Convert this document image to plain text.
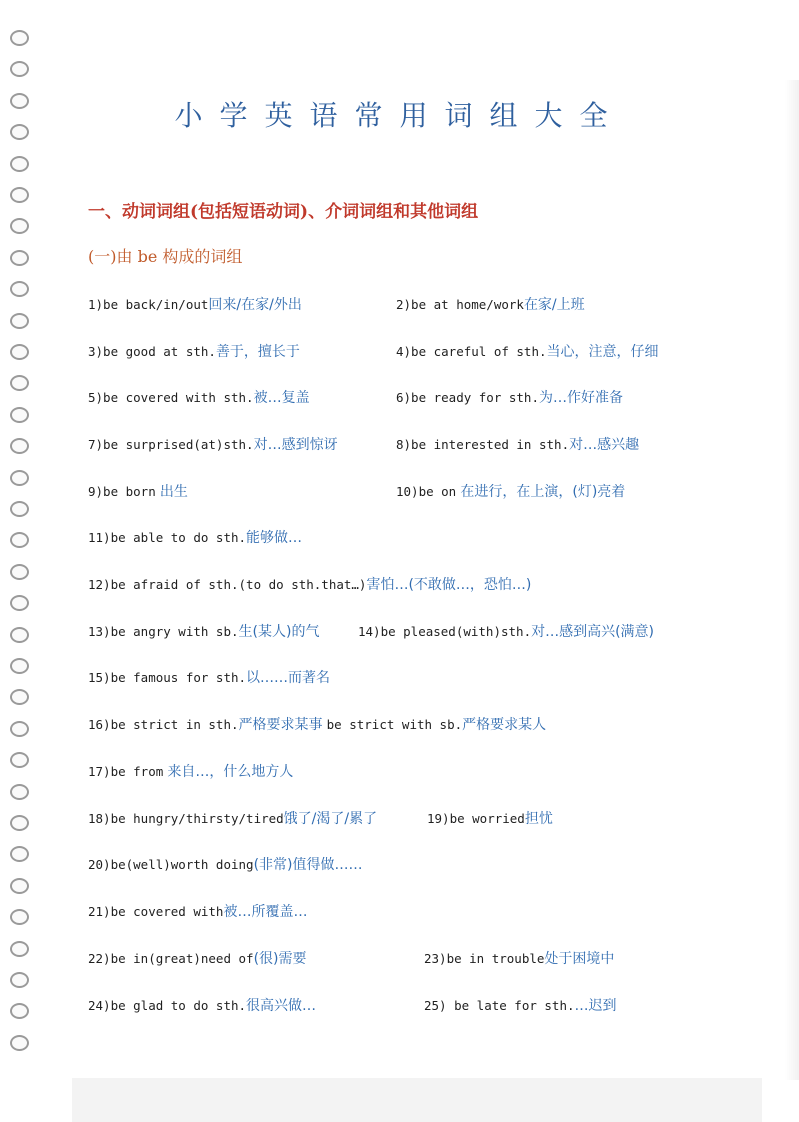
小学英语常用词组大全
一、动词词组(包括短语动词)、介词词组和其他词组
(一)由 be 构成的词组
1)be back/in/out回来/在家/外出	2)be at home/work在家/上班
3)be good at sth.善于，擅长于	4)be careful of sth.当心，注意，仔细
5)be covered with sth.被…复盖	6)be ready for sth.为…作好准备
7)be surprised(at)sth.对…感到惊讶	8)be interested in sth.对…感兴趣
9)be born 出生	10)be on 在进行，在上演，(灯)亮着
11)be able to do sth.能够做…
12)be afraid of sth.(to do sth.that…)害怕…(不敢做…，恐怕…)
13)be angry with sb.生(某人)的气	14)be pleased(with)sth.对…感到高兴(满意)
15)be famous for sth.以……而著名
16)be strict in sth.严格要求某事 be strict with sb.严格要求某人
17)be from 来自…，什么地方人
18)be hungry/thirsty/tired饿了/渴了/累了	19)be worried担忧
20)be(well)worth doing(非常)值得做……
21)be covered with被…所覆盖…
22)be in(great)need of(很)需要	23)be in trouble处于困境中
24)be glad to do sth.很高兴做…	25) be late for sth.…迟到
